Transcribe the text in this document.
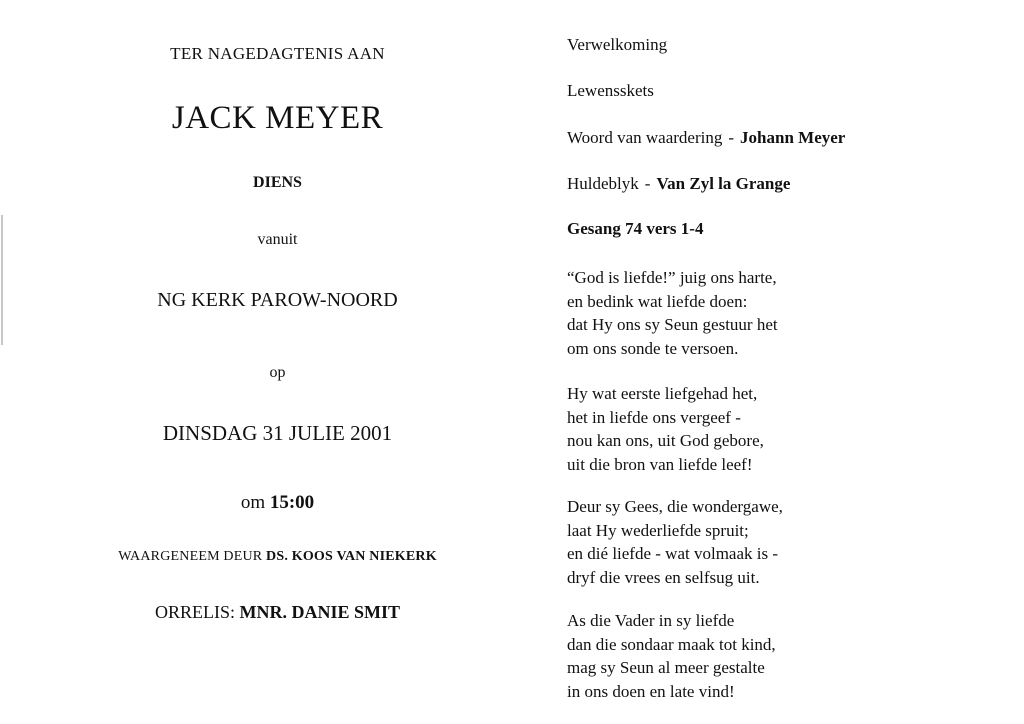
TER NAGEDAGTENIS AAN
JACK MEYER
DIENS
vanuit
NG KERK PAROW-NOORD
op
DINSDAG 31 JULIE 2001
om 15:00
WAARGENEEM DEUR DS. KOOS VAN NIEKERK
ORRELIS: MNR. DANIE SMIT
Verwelkoming
Lewensskets
Woord van waardering - Johann Meyer
Huldeblyk - Van Zyl la Grange
Gesang 74 vers 1-4
“God is liefde!” juig ons harte,
en bedink wat liefde doen:
dat Hy ons sy Seun gestuur het
om ons sonde te versoen.
Hy wat eerste liefgehad het,
het in liefde ons vergeef -
nou kan ons, uit God gebore,
uit die bron van liefde leef!
Deur sy Gees, die wondergawe,
laat Hy wederliefde spruit;
en dié liefde - wat volmaak is -
dryf die vrees en selfsug uit.
As die Vader in sy liefde
dan die sondaar maak tot kind,
mag sy Seun al meer gestalte
in ons doen en late vind!
